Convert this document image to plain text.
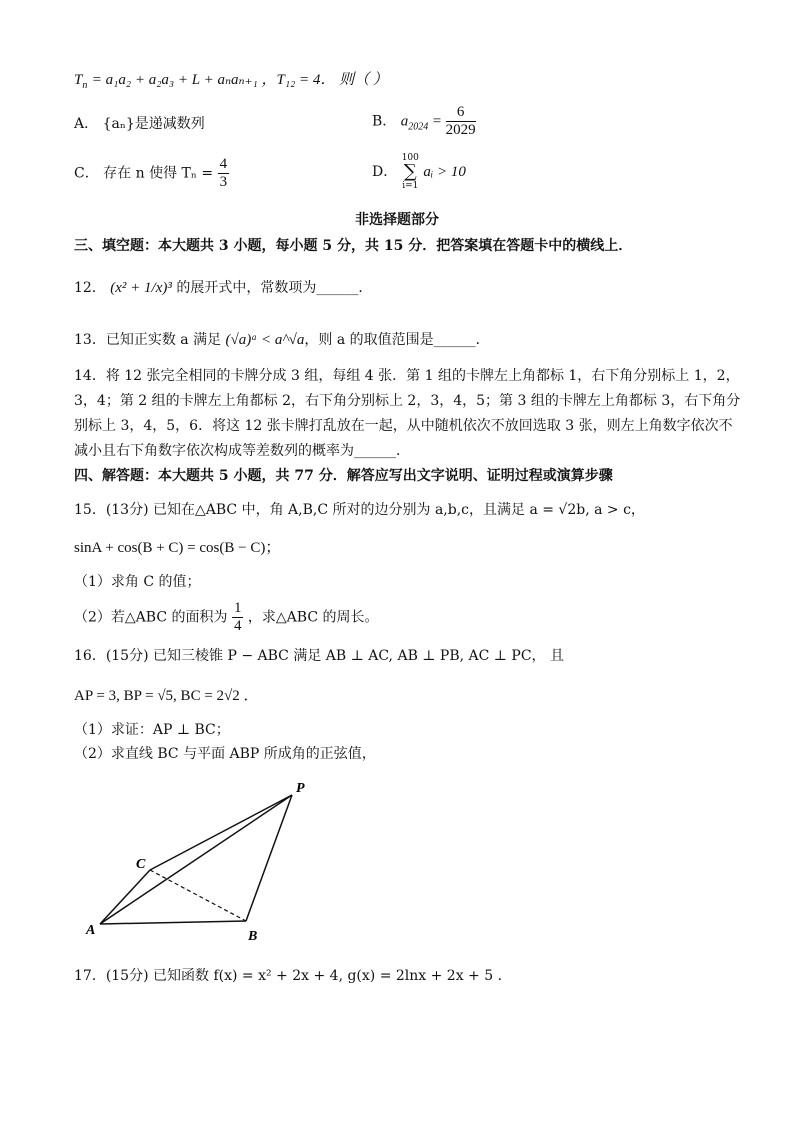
$T_n = a_1a_2 + a_2a_3 + L + a_na_{n+1}$ ，T₁₂ = 4． 则（ ）
A． {aₙ}是递减数列	B． $a_{2024} = \frac{6}{2029}$
C． 存在 n 使得 $T_n = \frac{4}{3}$	D．
100
∑
i=1
aᵢ > 10
非选择题部分
三、填空题：本大题共 3 小题，每小题 5 分，共 15 分．把答案填在答题卡中的横线上．
12． (x² + 1/x)³ 的展开式中，常数项为______．
13．已知正实数 a 满足 (√a)ᵃ < a^√a，则 a 的取值范围是______．
14．将 12 张完全相同的卡牌分成 3 组，每组 4 张．第 1 组的卡牌左上角都标 1，右下角分别标上 1，2，
3，4；第 2 组的卡牌左上角都标 2，右下角分别标上 2，3，4，5；第 3 组的卡牌左上角都标 3，右下角分
别标上 3，4，5，6．将这 12 张卡牌打乱放在一起，从中随机依次不放回选取 3 张，则左上角数字依次不
减小且右下角数字依次构成等差数列的概率为______．
四、解答题：本大题共 5 小题，共 77 分．解答应写出文字说明、证明过程或演算步骤
15．(13分) 已知在△ABC 中，角 A,B,C 所对的边分别为 a,b,c，且满足 a = √2b, a > c，
sinA + cos(B + C) = cos(B − C)；
（1）求角 C 的值；
（2）若△ABC 的面积为 $\frac{1}{4}$ ，求△ABC 的周长。
16．(15分) 已知三棱锥 P − ABC 满足 AB ⊥ AC, AB ⊥ PB, AC ⊥ PC， 且
AP = 3, BP = √5, BC = 2√2 ．
（1）求证：AP ⊥ BC；
（2）求直线 BC 与平面 ABP 所成角的正弦值，
P
C
A	B
17．(15分) 已知函数 f(x) = x² + 2x + 4, g(x) = 2lnx + 2x + 5 ．
